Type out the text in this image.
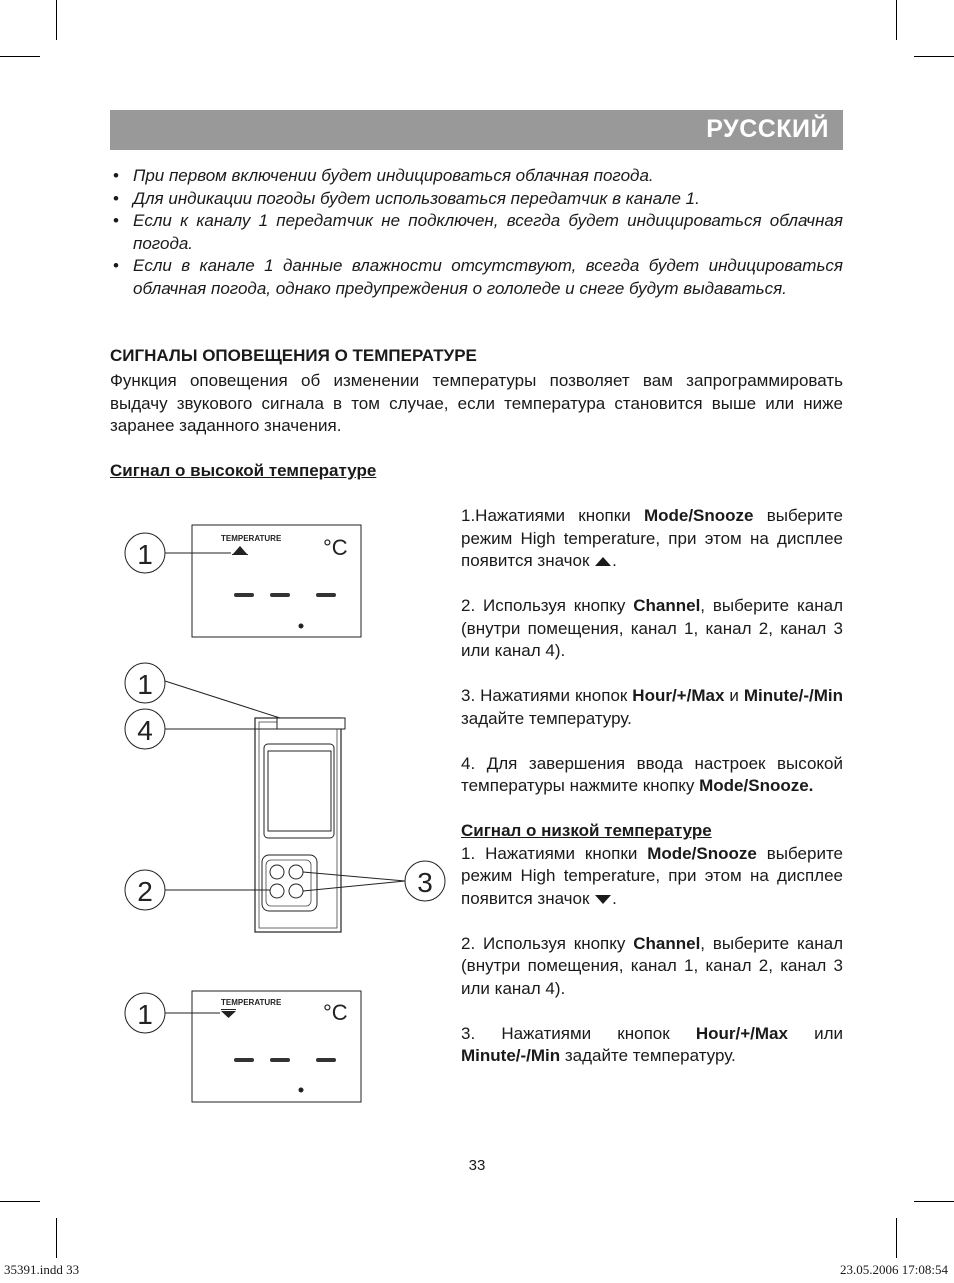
РУССКИЙ

• При первом включении будет индицироваться облачная погода.

• Для индикации погоды будет использоваться передатчик в канале 1.

• Если к каналу 1 передатчик не подключен, всегда будет индицироваться облачная погода.

• Если в канале 1 данные влажности отсутствуют, всегда будет индицироваться облачная погода, однако предупреждения о гололеде и снеге будут выдаваться.

СИГНАЛЫ ОПОВЕЩЕНИЯ О ТЕМПЕРАТУРЕ
Функция оповещения об изменении температуры позволяет вам запрограммировать выдачу звукового сигнала в том случае, если температура становится выше или ниже заранее заданного значения.
Сигнал о высокой температуре

1.Нажатиями кнопки Mode/Snooze выберите режим High temperature, при этом на дисплее появится значок .

2. Используя кнопку Channel, выберите канал (внутри помещения, канал 1, канал 2, канал 3 или канал 4).

3. Нажатиями кнопок Hour/+/Max и Minute/-/Min задайте температуру.

4. Для завершения ввода настроек высокой температуры нажмите кнопку Mode/Snooze.

Сигнал о низкой температуре

1. Нажатиями кнопки Mode/Snooze выберите режим High temperature, при этом на дисплее появится значок .

2. Используя кнопку Channel, выберите канал (внутри помещения, канал 1, канал 2, канал 3 или канал 4).

3. Нажатиями кнопок Hour/+/Max или Minute/-/Min задайте температуру.

TEMPERATURE °C
1
1
4
2	3
TEMPERATURE °C
1
33
35391.indd 33	23.05.2006 17:08:54
